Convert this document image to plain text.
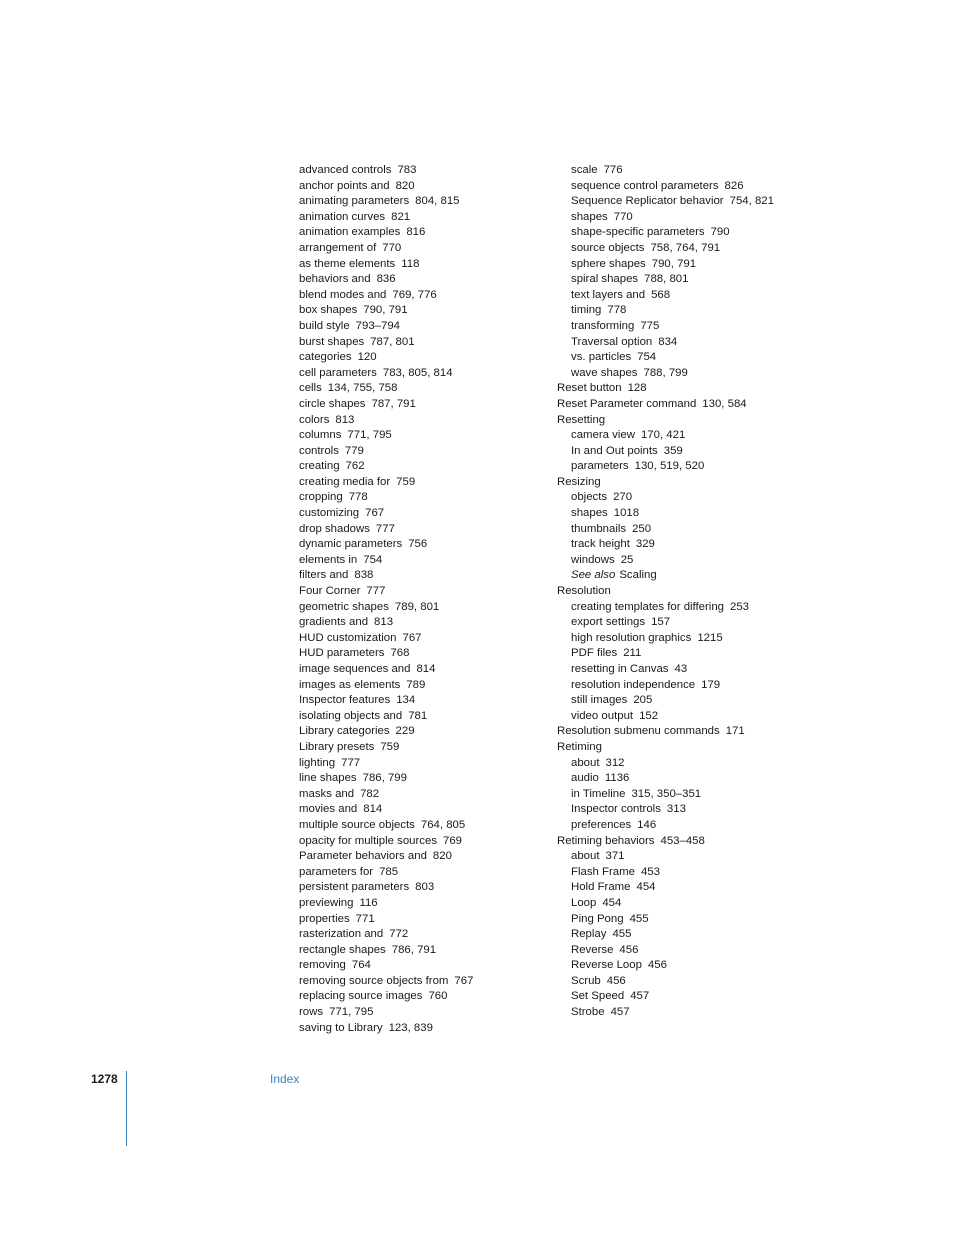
advanced controls 783
anchor points and 820
animating parameters 804, 815
animation curves 821
animation examples 816
arrangement of 770
as theme elements 118
behaviors and 836
blend modes and 769, 776
box shapes 790, 791
build style 793–794
burst shapes 787, 801
categories 120
cell parameters 783, 805, 814
cells 134, 755, 758
circle shapes 787, 791
colors 813
columns 771, 795
controls 779
creating 762
creating media for 759
cropping 778
customizing 767
drop shadows 777
dynamic parameters 756
elements in 754
filters and 838
Four Corner 777
geometric shapes 789, 801
gradients and 813
HUD customization 767
HUD parameters 768
image sequences and 814
images as elements 789
Inspector features 134
isolating objects and 781
Library categories 229
Library presets 759
lighting 777
line shapes 786, 799
masks and 782
movies and 814
multiple source objects 764, 805
opacity for multiple sources 769
Parameter behaviors and 820
parameters for 785
persistent parameters 803
previewing 116
properties 771
rasterization and 772
rectangle shapes 786, 791
removing 764
removing source objects from 767
replacing source images 760
rows 771, 795
saving to Library 123, 839
scale 776
sequence control parameters 826
Sequence Replicator behavior 754, 821
shapes 770
shape-specific parameters 790
source objects 758, 764, 791
sphere shapes 790, 791
spiral shapes 788, 801
text layers and 568
timing 778
transforming 775
Traversal option 834
vs. particles 754
wave shapes 788, 799
Reset button 128
Reset Parameter command 130, 584
Resetting
camera view 170, 421
In and Out points 359
parameters 130, 519, 520
Resizing
objects 270
shapes 1018
thumbnails 250
track height 329
windows 25
See also Scaling
Resolution
creating templates for differing 253
export settings 157
high resolution graphics 1215
PDF files 211
resetting in Canvas 43
resolution independence 179
still images 205
video output 152
Resolution submenu commands 171
Retiming
about 312
audio 1136
in Timeline 315, 350–351
Inspector controls 313
preferences 146
Retiming behaviors 453–458
about 371
Flash Frame 453
Hold Frame 454
Loop 454
Ping Pong 455
Replay 455
Reverse 456
Reverse Loop 456
Scrub 456
Set Speed 457
Strobe 457
1278	Index
